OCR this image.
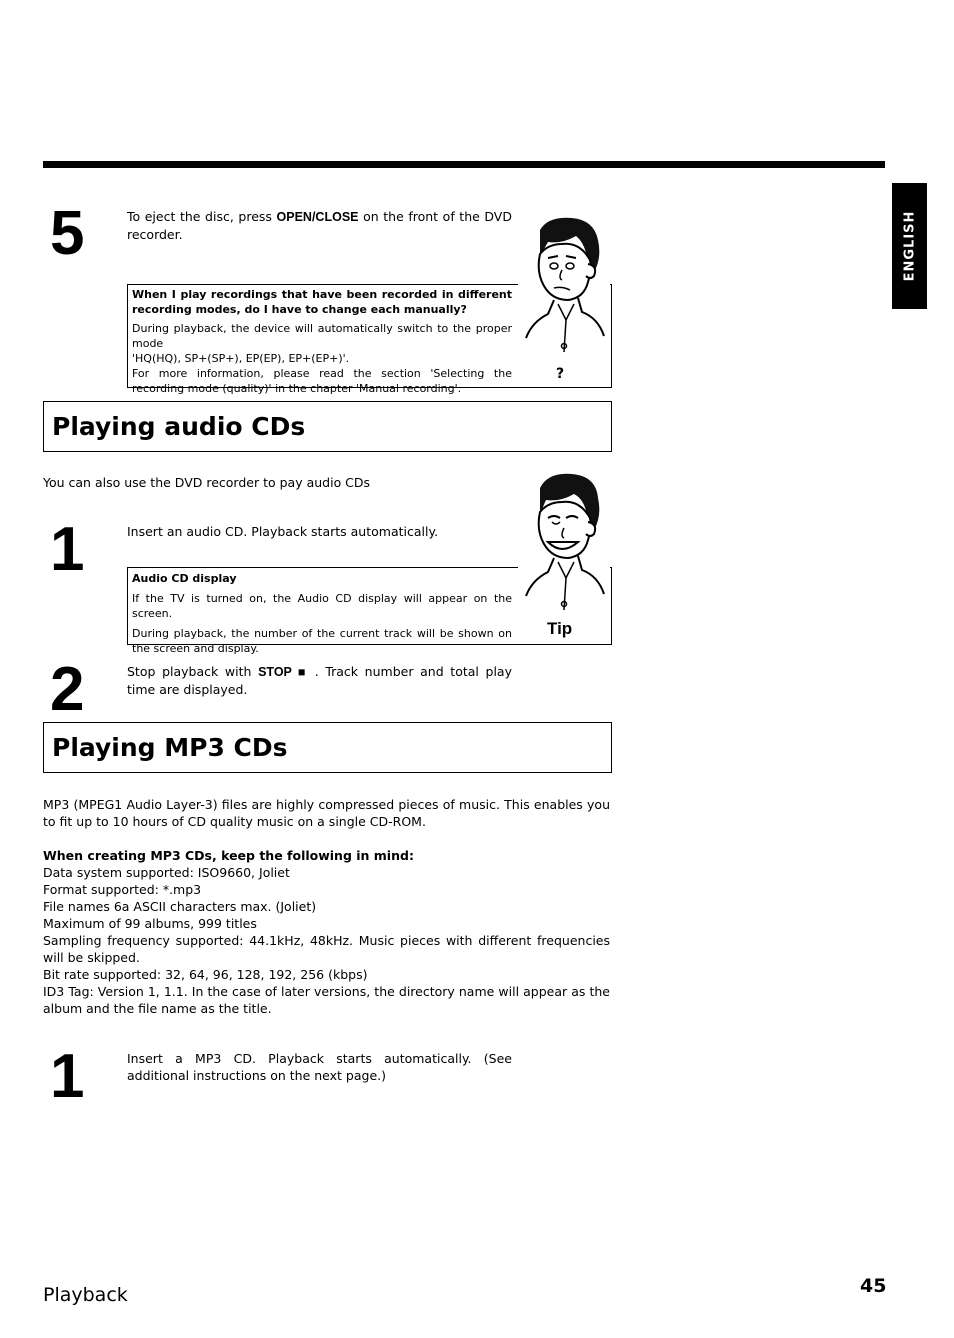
ENGLISH
5	To eject the disc, press OPEN/CLOSE on the front of the DVD recorder.
When I play recordings that have been recorded in different recording modes, do I have to change each manually?
During playback, the device will automatically switch to the proper mode
'HQ(HQ), SP+(SP+), EP(EP), EP+(EP+)'.
For more information, please read the section 'Selecting the recording mode (quality)' in the chapter 'Manual recording'.
?
Playing audio CDs
You can also use the DVD recorder to pay audio CDs
1	Insert an audio CD. Playback starts automatically.
Audio CD display
If the TV is turned on, the Audio CD display will appear on the screen.
During playback, the number of the current track will be shown on the screen and display.
Tip
2	Stop playback with STOP ■ . Track number and total play time are displayed.
Playing MP3 CDs
MP3 (MPEG1 Audio Layer-3) files are highly compressed pieces of music. This enables you to fit up to 10 hours of CD quality music on a single CD-ROM.
When creating MP3 CDs, keep the following in mind:
Data system supported: ISO9660, Joliet
Format supported: *.mp3
File names 6a ASCII characters max. (Joliet)
Maximum of 99 albums, 999 titles
Sampling frequency supported: 44.1kHz, 48kHz. Music pieces with different frequencies will be skipped.
Bit rate supported: 32, 64, 96, 128, 192, 256 (kbps)
ID3 Tag: Version 1, 1.1. In the case of later versions, the directory name will appear as the album and the file name as the title.
1	Insert a MP3 CD. Playback starts automatically. (See additional instructions on the next page.)
Playback	45
